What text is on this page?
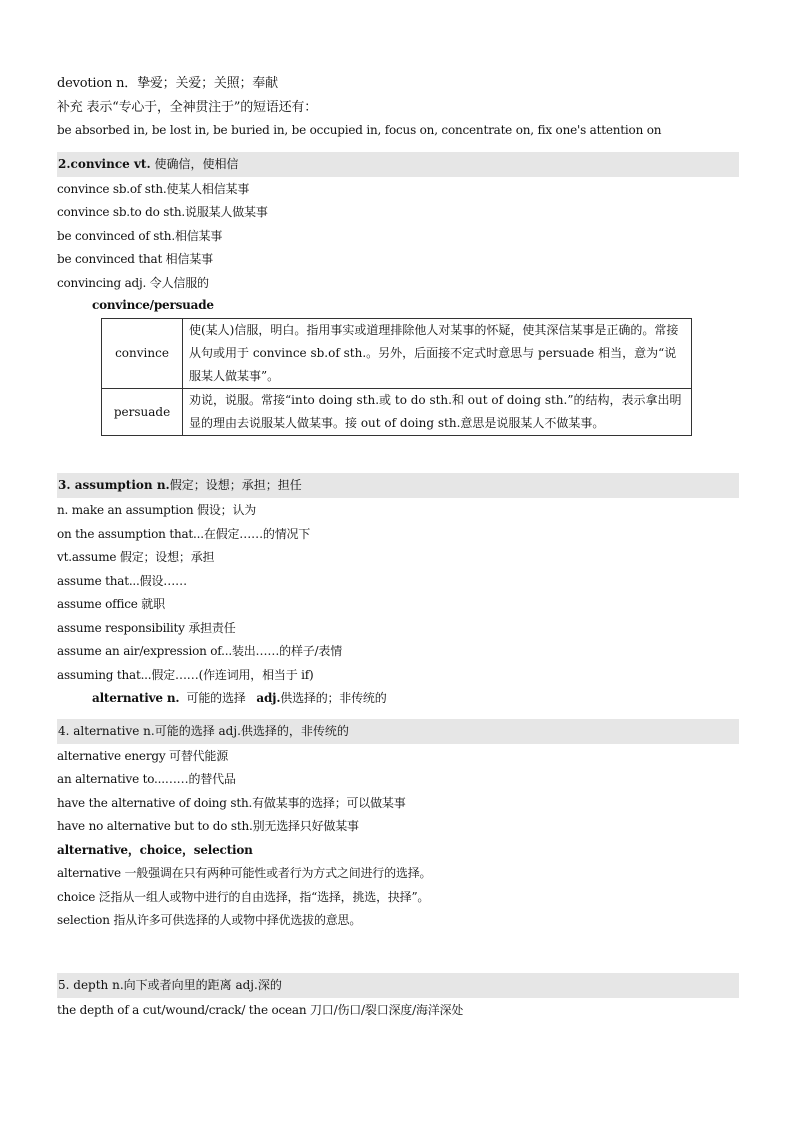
devotion n．挚爱；关爱；关照；奉献
补充 表示“专心于，全神贯注于”的短语还有：
be absorbed in, be lost in, be buried in, be occupied in, focus on, concentrate on, fix one's attention on
2.convince vt. 使确信，使相信
convince sb.of sth.使某人相信某事
convince sb.to do sth.说服某人做某事
be convinced of sth.相信某事
be convinced that 相信某事
convincing adj. 令人信服的
convince/persuade
convince	使(某人)信服，明白。指用事实或道理排除他人对某事的怀疑，使其深信某事是正确的。常接从句或用于 convince sb.of sth.。另外，后面接不定式时意思与 persuade 相当，意为“说服某人做某事”。
persuade	劝说，说服。常接“into doing sth.或 to do sth.和 out of doing sth.”的结构，表示拿出明显的理由去说服某人做某事。接 out of doing sth.意思是说服某人不做某事。
3. assumption n.假定；设想；承担；担任
n. make an assumption 假设；认为
on the assumption that...在假定……的情况下
vt.assume 假定；设想；承担
assume that...假设……
assume office 就职
assume responsibility 承担责任
assume an air/expression of...装出……的样子/表情
assuming that...假定……(作连词用，相当于 if)
alternative n.  可能的选择   adj.供选择的；非传统的
4. alternative n.可能的选择 adj.供选择的，非传统的
alternative energy 可替代能源
an alternative to...……的替代品
have the alternative of doing sth.有做某事的选择；可以做某事
have no alternative but to do sth.别无选择只好做某事
alternative，choice，selection
alternative 一般强调在只有两种可能性或者行为方式之间进行的选择。
choice 泛指从一组人或物中进行的自由选择，指“选择，挑选，抉择”。
selection 指从许多可供选择的人或物中择优选拔的意思。
5. depth n.向下或者向里的距离 adj.深的
the depth of a cut/wound/crack/ the ocean 刀口/伤口/裂口深度/海洋深处
